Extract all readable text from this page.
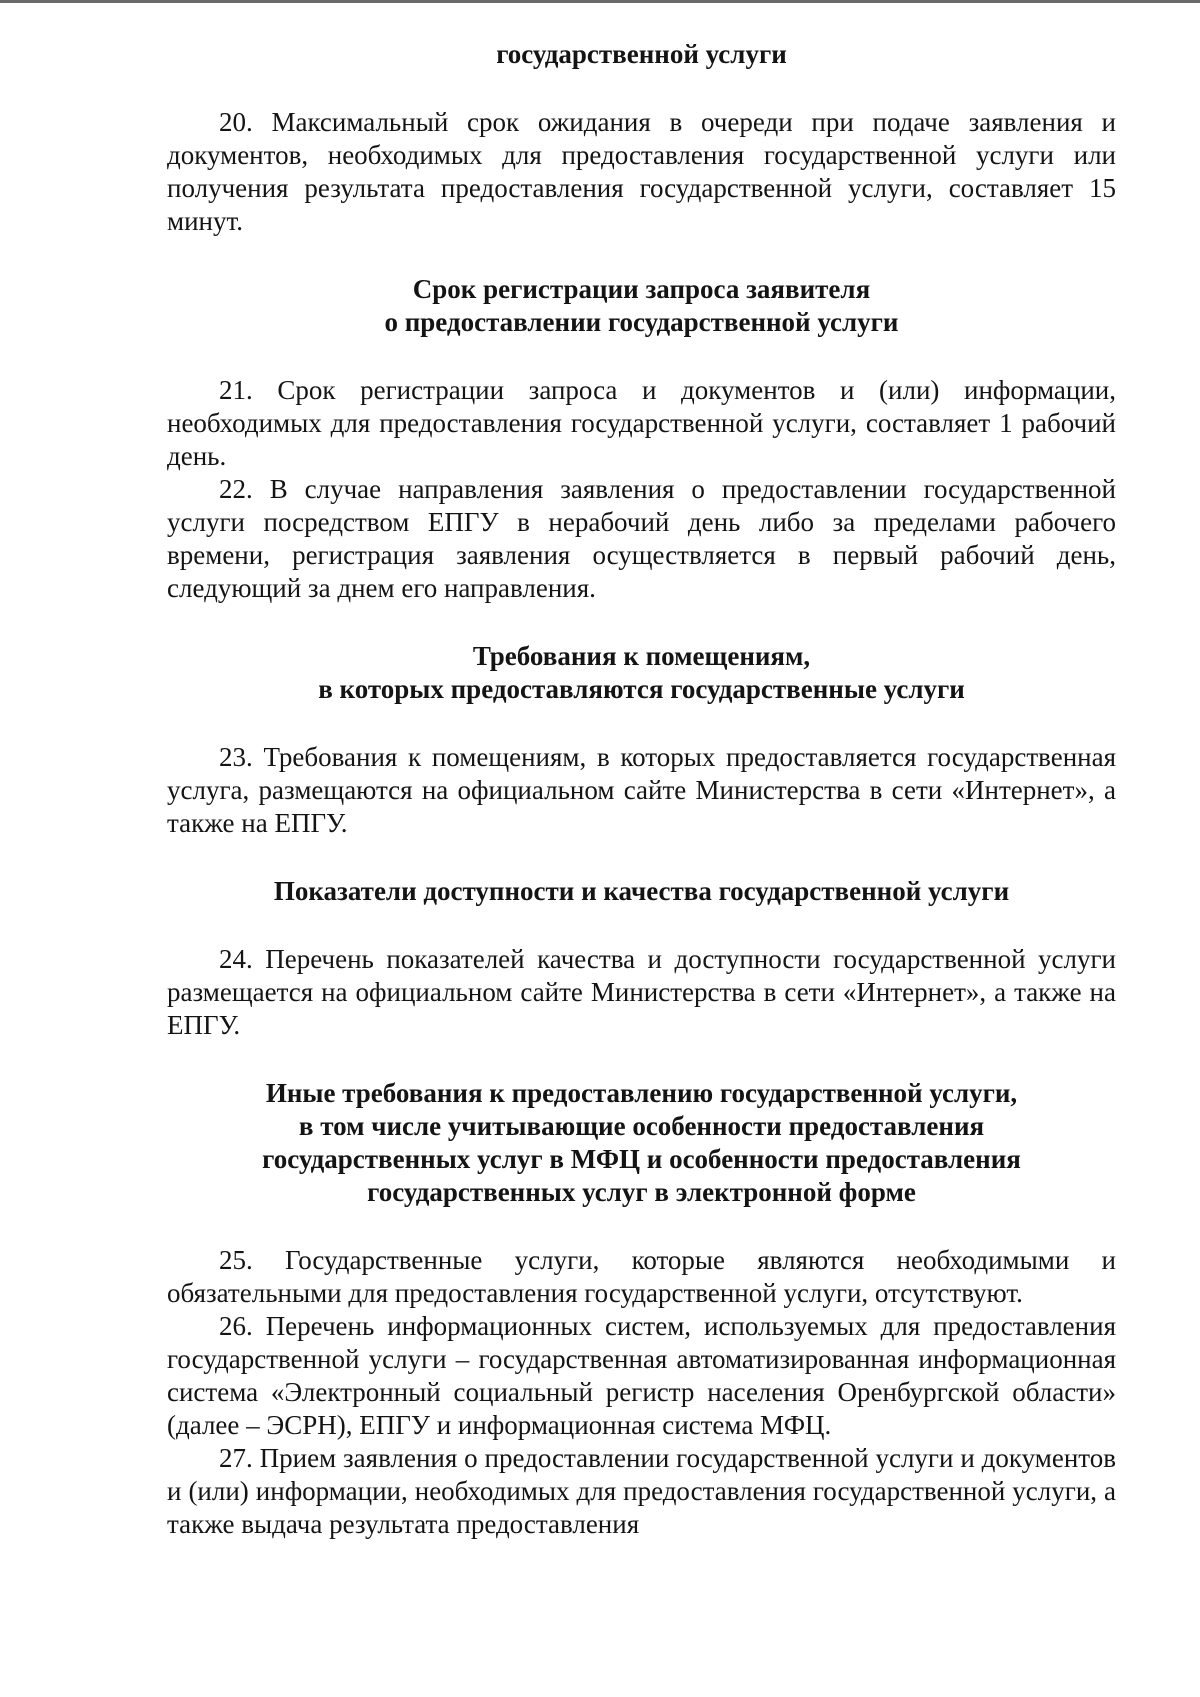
государственной услуги

20. Максимальный срок ожидания в очереди при подаче заявления и документов, необходимых для предоставления государственной услуги или получения результата предоставления государственной услуги, составляет 15 минут.

Срок регистрации запроса заявителя
о предоставлении государственной услуги

21. Срок регистрации запроса и документов и (или) информации, необходимых для предоставления государственной услуги, составляет 1 рабочий день.

22. В случае направления заявления о предоставлении государственной услуги посредством ЕПГУ в нерабочий день либо за пределами рабочего времени, регистрация заявления осуществляется в первый рабочий день, следующий за днем его направления.

Требования к помещениям,
в которых предоставляются государственные услуги

23. Требования к помещениям, в которых предоставляется государственная услуга, размещаются на официальном сайте Министерства в сети «Интернет», а также на ЕПГУ.

Показатели доступности и качества государственной услуги

24. Перечень показателей качества и доступности государственной услуги размещается на официальном сайте Министерства в сети «Интернет», а также на ЕПГУ.

Иные требования к предоставлению государственной услуги,
в том числе учитывающие особенности предоставления
государственных услуг в МФЦ и особенности предоставления
государственных услуг в электронной форме

25. Государственные услуги, которые являются необходимыми и обязательными для предоставления государственной услуги, отсутствуют.

26. Перечень информационных систем, используемых для предоставления государственной услуги – государственная автоматизированная информационная система «Электронный социальный регистр населения Оренбургской области» (далее – ЭСРН), ЕПГУ и информационная система МФЦ.

27. Прием заявления о предоставлении государственной услуги и документов и (или) информации, необходимых для предоставления государственной услуги, а также выдача результата предоставления
